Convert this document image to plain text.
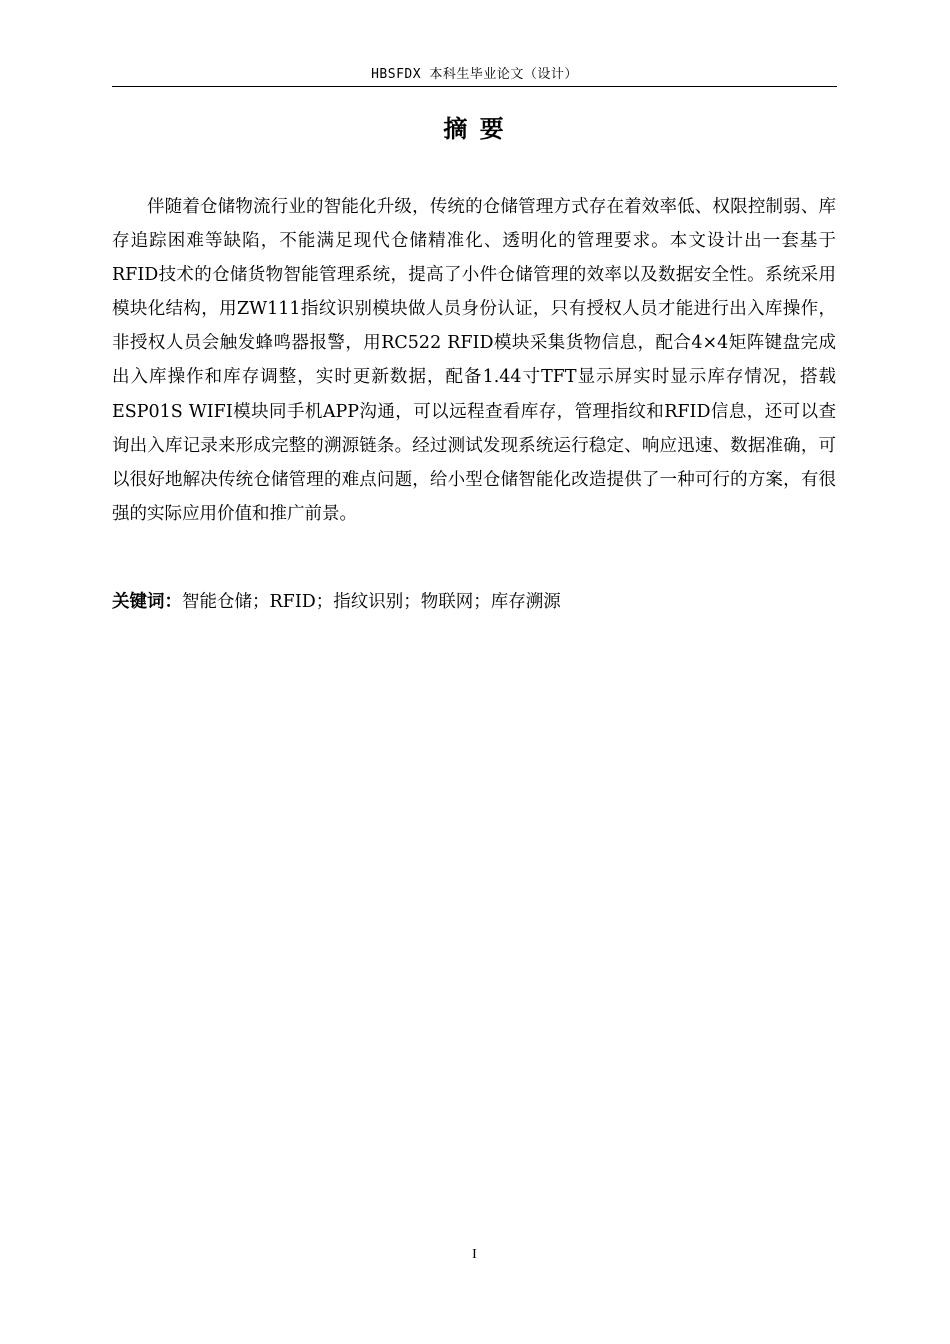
HBSFDX 本科生毕业论文（设计）
摘 要

伴随着仓储物流行业的智能化升级，传统的仓储管理方式存在着效率低、权限控制弱、库存追踪困难等缺陷，不能满足现代仓储精准化、透明化的管理要求。本文设计出一套基于RFID技术的仓储货物智能管理系统，提高了小件仓储管理的效率以及数据安全性。系统采用模块化结构，用ZW111指纹识别模块做人员身份认证，只有授权人员才能进行出入库操作，非授权人员会触发蜂鸣器报警，用RC522 RFID模块采集货物信息，配合4×4矩阵键盘完成出入库操作和库存调整，实时更新数据，配备1.44寸TFT显示屏实时显示库存情况，搭载ESP01S WIFI模块同手机APP沟通，可以远程查看库存，管理指纹和RFID信息，还可以查询出入库记录来形成完整的溯源链条。经过测试发现系统运行稳定、响应迅速、数据准确，可以很好地解决传统仓储管理的难点问题，给小型仓储智能化改造提供了一种可行的方案，有很强的实际应用价值和推广前景。

关键词：智能仓储；RFID；指纹识别；物联网；库存溯源
I
